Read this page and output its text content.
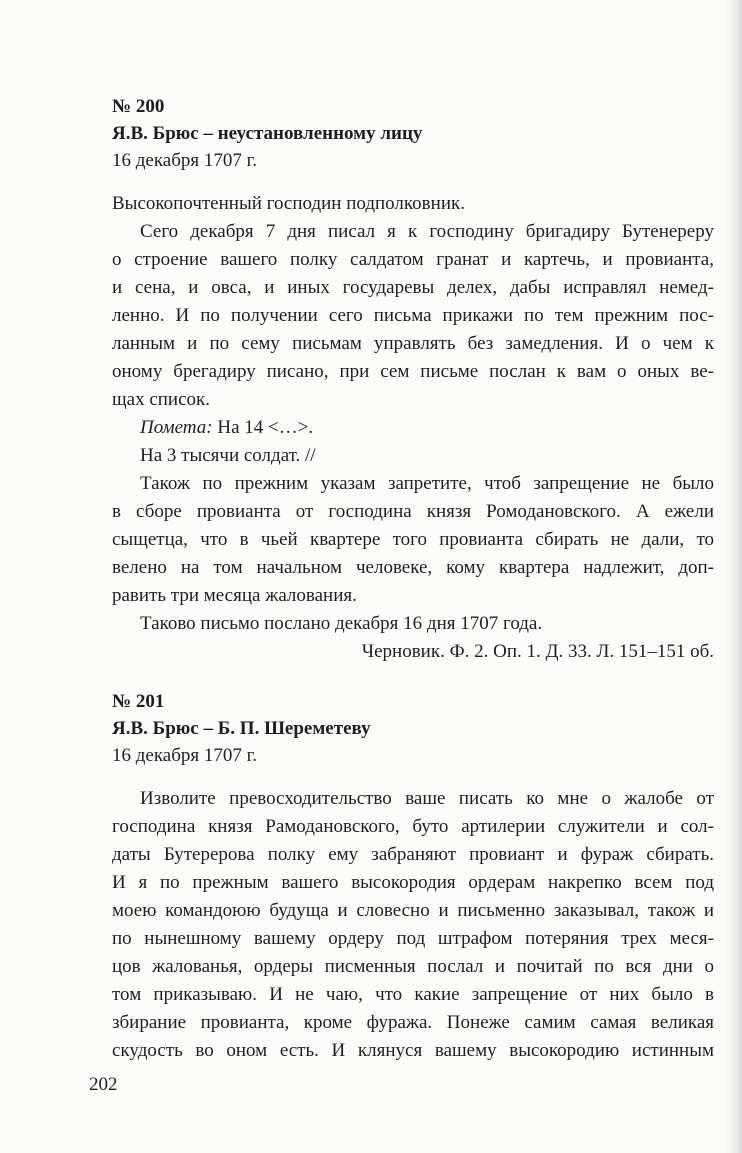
№ 200

Я.В. Брюс – неустановленному лицу

16 декабря 1707 г.

Высокопочтенный господин подполковник.

Сего декабря 7 дня писал я к господину бригадиру Бутенереру

о строение вашего полку салдатом гранат и картечь, и провианта,

и сена, и овса, и иных государевы делех, дабы исправлял немед-

ленно. И по получении сего письма прикажи по тем прежним пос-

ланным и по сему письмам управлять без замедления. И о чем к

оному брегадиру писано, при сем письме послан к вам о оных ве-

щах список.

Помета: На 14 <…>.

На 3 тысячи солдат. //

Також по прежним указам запретите, чтоб запрещение не было

в сборе провианта от господина князя Ромодановского. А ежели

сыщетца, что в чьей квартере того провианта сбирать не дали, то

велено на том начальном человеке, кому квартера надлежит, доп-

равить три месяца жалования.

Таково письмо послано декабря 16 дня 1707 года.

Черновик. Ф. 2. Оп. 1. Д. 33. Л. 151–151 об.

№ 201

Я.В. Брюс – Б. П. Шереметеву

16 декабря 1707 г.

Изволите превосходительство ваше писать ко мне о жалобе от

господина князя Рамодановского, буто артилерии служители и сол-

даты Бутерерова полку ему забраняют провиант и фураж сбирать.

И я по прежным вашего высокородия ордерам накрепко всем под

моею командоюю будуща и словесно и письменно заказывал, також и

по нынешному вашему ордеру под штрафом потеряния трех меся-

цов жалованья, ордеры писменныя послал и почитай по вся дни о

том приказываю. И не чаю, что какие запрещение от них было в

збирание провианта, кроме фуража. Понеже самим самая великая

скудость во оном есть. И клянуся вашему высокородию истинным

202
